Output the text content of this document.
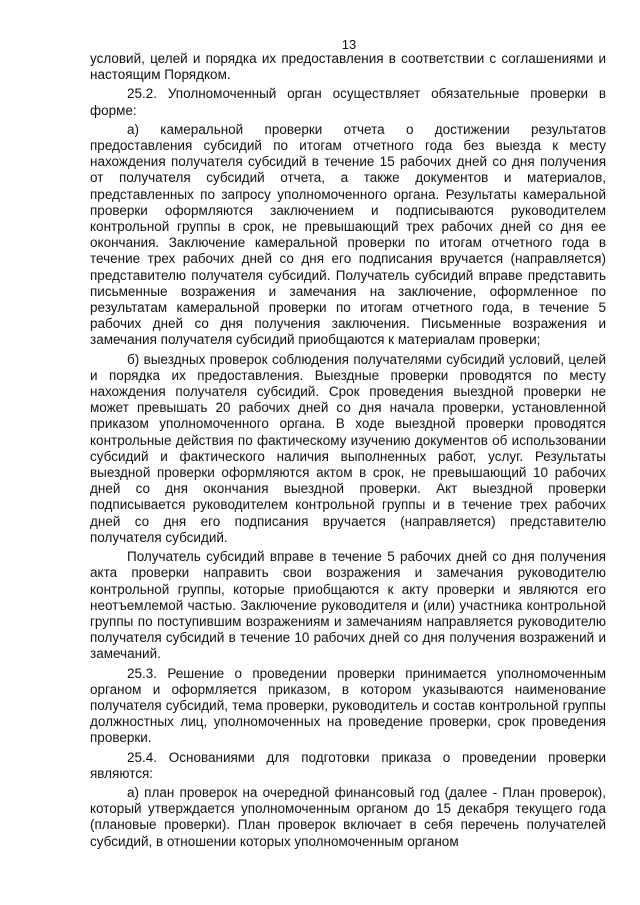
13

условий, целей и порядка их предоставления в соответствии с соглашениями и настоящим Порядком.

25.2. Уполномоченный орган осуществляет обязательные проверки в форме:

а) камеральной проверки отчета о достижении результатов предоставления субсидий по итогам отчетного года без выезда к месту нахождения получателя субсидий в течение 15 рабочих дней со дня получения от получателя субсидий отчета, а также документов и материалов, представленных по запросу уполномоченного органа. Результаты камеральной проверки оформляются заключением и подписываются руководителем контрольной группы в срок, не превышающий трех рабочих дней со дня ее окончания. Заключение камеральной проверки по итогам отчетного года в течение трех рабочих дней со дня его подписания вручается (направляется) представителю получателя субсидий. Получатель субсидий вправе представить письменные возражения и замечания на заключение, оформленное по результатам камеральной проверки по итогам отчетного года, в течение 5 рабочих дней со дня получения заключения. Письменные возражения и замечания получателя субсидий приобщаются к материалам проверки;

б) выездных проверок соблюдения получателями субсидий условий, целей и порядка их предоставления. Выездные проверки проводятся по месту нахождения получателя субсидий. Срок проведения выездной проверки не может превышать 20 рабочих дней со дня начала проверки, установленной приказом уполномоченного органа. В ходе выездной проверки проводятся контрольные действия по фактическому изучению документов об использовании субсидий и фактического наличия выполненных работ, услуг. Результаты выездной проверки оформляются актом в срок, не превышающий 10 рабочих дней со дня окончания выездной проверки. Акт выездной проверки подписывается руководителем контрольной группы и в течение трех рабочих дней со дня его подписания вручается (направляется) представителю получателя субсидий.

Получатель субсидий вправе в течение 5 рабочих дней со дня получения акта проверки направить свои возражения и замечания руководителю контрольной группы, которые приобщаются к акту проверки и являются его неотъемлемой частью. Заключение руководителя и (или) участника контрольной группы по поступившим возражениям и замечаниям направляется руководителю получателя субсидий в течение 10 рабочих дней со дня получения возражений и замечаний.

25.3. Решение о проведении проверки принимается уполномоченным органом и оформляется приказом, в котором указываются наименование получателя субсидий, тема проверки, руководитель и состав контрольной группы должностных лиц, уполномоченных на проведение проверки, срок проведения проверки.

25.4. Основаниями для подготовки приказа о проведении проверки являются:

а) план проверок на очередной финансовый год (далее - План проверок), который утверждается уполномоченным органом до 15 декабря текущего года (плановые проверки). План проверок включает в себя перечень получателей субсидий, в отношении которых уполномоченным органом
